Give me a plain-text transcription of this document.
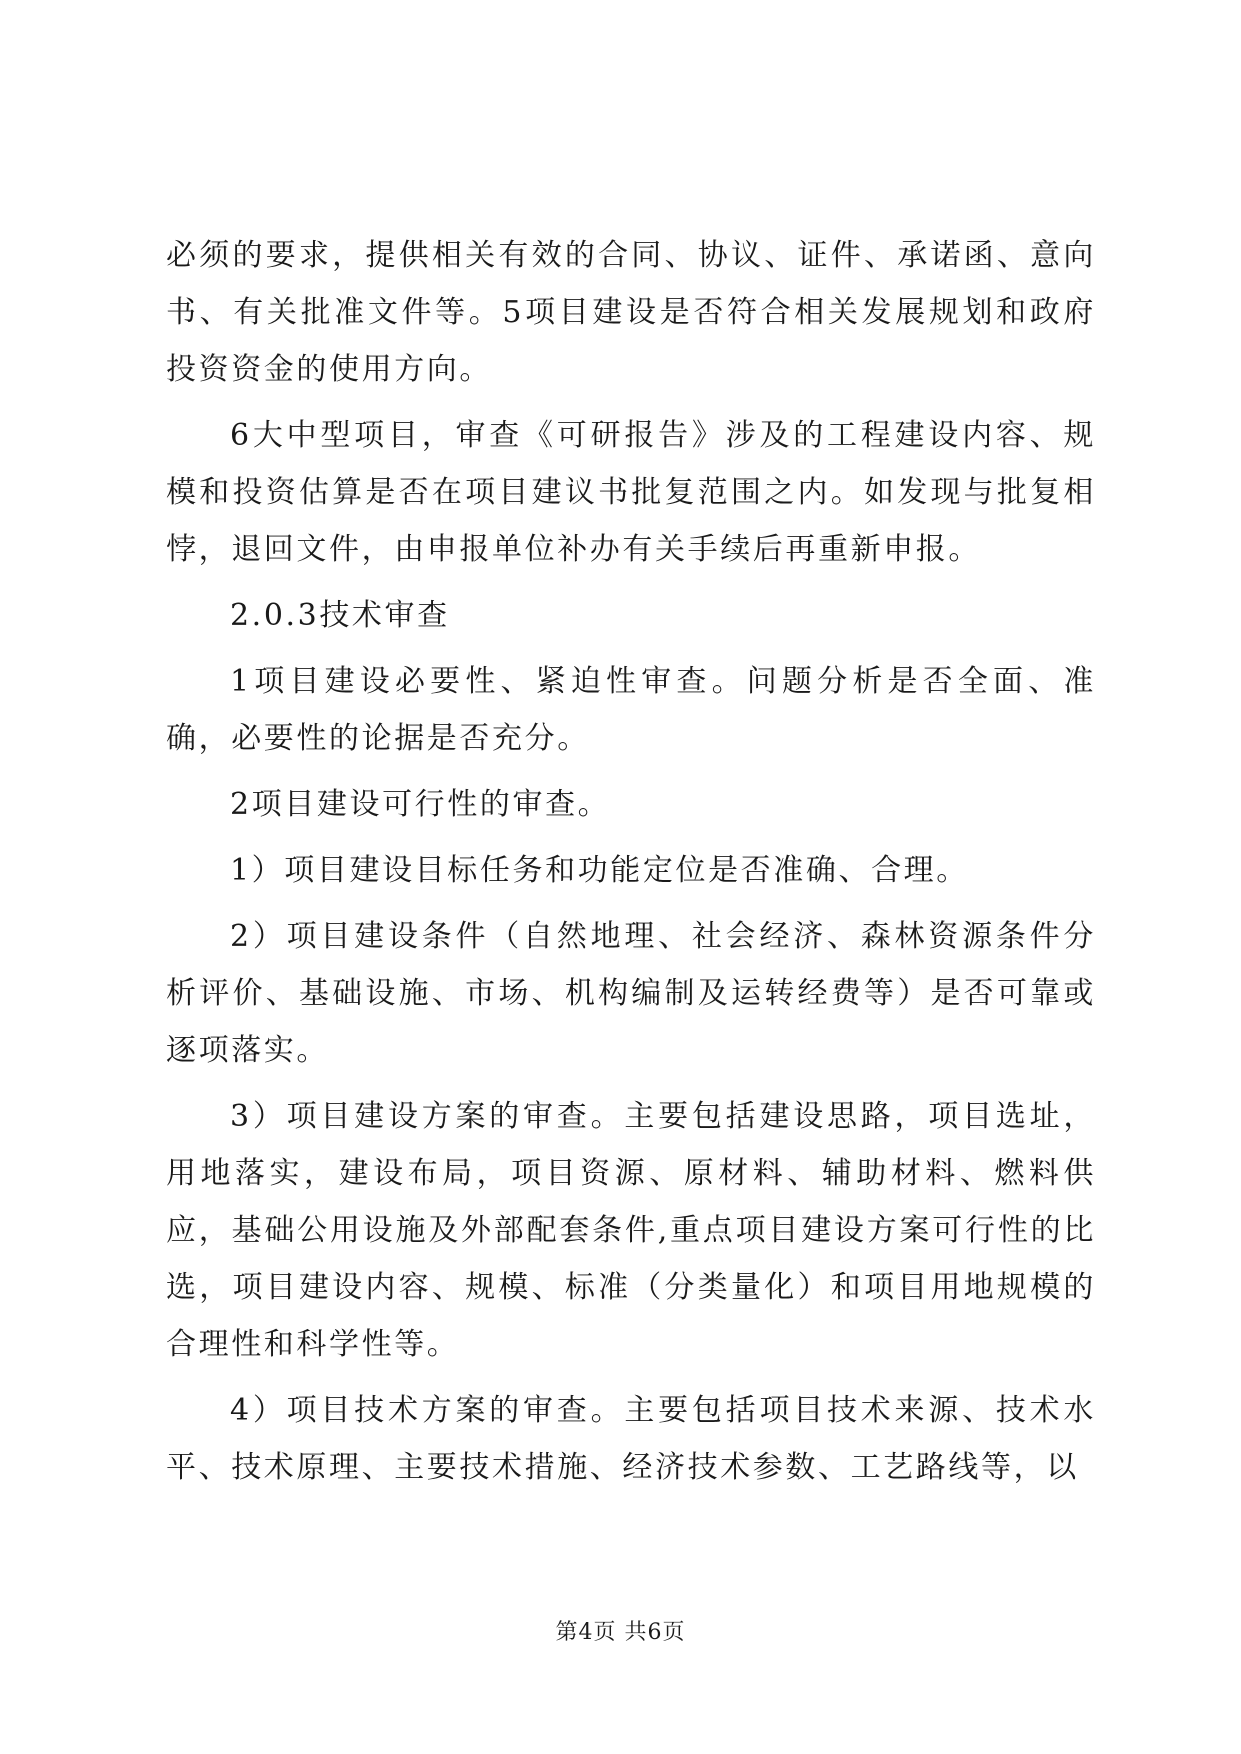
必须的要求，提供相关有效的合同、协议、证件、承诺函、意向书、有关批准文件等。5项目建设是否符合相关发展规划和政府投资资金的使用方向。

6大中型项目，审查《可研报告》涉及的工程建设内容、规模和投资估算是否在项目建议书批复范围之内。如发现与批复相悖，退回文件，由申报单位补办有关手续后再重新申报。

2.0.3技术审查

1项目建设必要性、紧迫性审查。问题分析是否全面、准确，必要性的论据是否充分。

2项目建设可行性的审查。

1）项目建设目标任务和功能定位是否准确、合理。

2）项目建设条件（自然地理、社会经济、森林资源条件分析评价、基础设施、市场、机构编制及运转经费等）是否可靠或逐项落实。

3）项目建设方案的审查。主要包括建设思路，项目选址，用地落实，建设布局，项目资源、原材料、辅助材料、燃料供应，基础公用设施及外部配套条件,重点项目建设方案可行性的比选，项目建设内容、规模、标准（分类量化）和项目用地规模的合理性和科学性等。

4）项目技术方案的审查。主要包括项目技术来源、技术水平、技术原理、主要技术措施、经济技术参数、工艺路线等，以

第4页 共6页
